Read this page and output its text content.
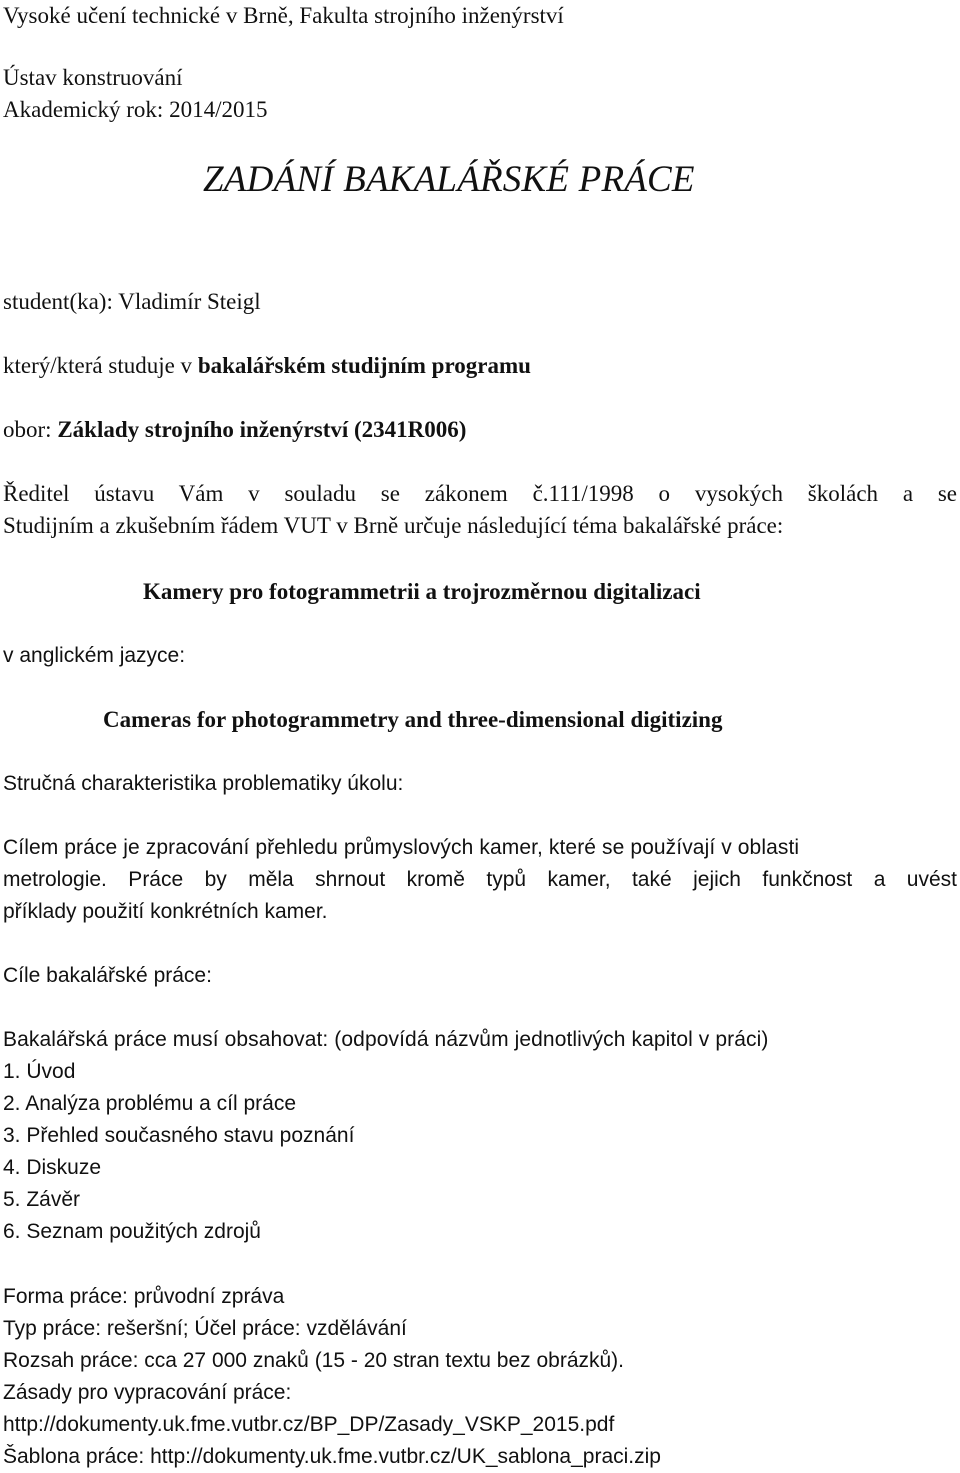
Vysoké učení technické v Brně, Fakulta strojního inženýrství
Ústav konstruování
Akademický rok: 2014/2015
ZADÁNÍ BAKALÁŘSKÉ PRÁCE
student(ka): Vladimír Steigl
který/která studuje v bakalářském studijním programu
obor: Základy strojního inženýrství (2341R006)
Ředitel ústavu Vám v souladu se zákonem č.111/1998 o vysokých školách a se
Studijním a zkušebním řádem VUT v Brně určuje následující téma bakalářské práce:
Kamery pro fotogrammetrii a trojrozměrnou digitalizaci
v anglickém jazyce:
Cameras for photogrammetry and three-dimensional digitizing
Stručná charakteristika problematiky úkolu:
Cílem práce je zpracování přehledu průmyslových kamer, které se používají v oblasti
metrologie. Práce by měla shrnout kromě typů kamer, také jejich funkčnost a uvést
příklady použití konkrétních kamer.
Cíle bakalářské práce:
Bakalářská práce musí obsahovat: (odpovídá názvům jednotlivých kapitol v práci)
1. Úvod
2. Analýza problému a cíl práce
3. Přehled současného stavu poznání
4. Diskuze
5. Závěr
6. Seznam použitých zdrojů
Forma práce: průvodní zpráva
Typ práce: rešeršní; Účel práce: vzdělávání
Rozsah práce: cca 27 000 znaků (15 - 20 stran textu bez obrázků).
Zásady pro vypracování práce:
http://dokumenty.uk.fme.vutbr.cz/BP_DP/Zasady_VSKP_2015.pdf
Šablona práce: http://dokumenty.uk.fme.vutbr.cz/UK_sablona_praci.zip
